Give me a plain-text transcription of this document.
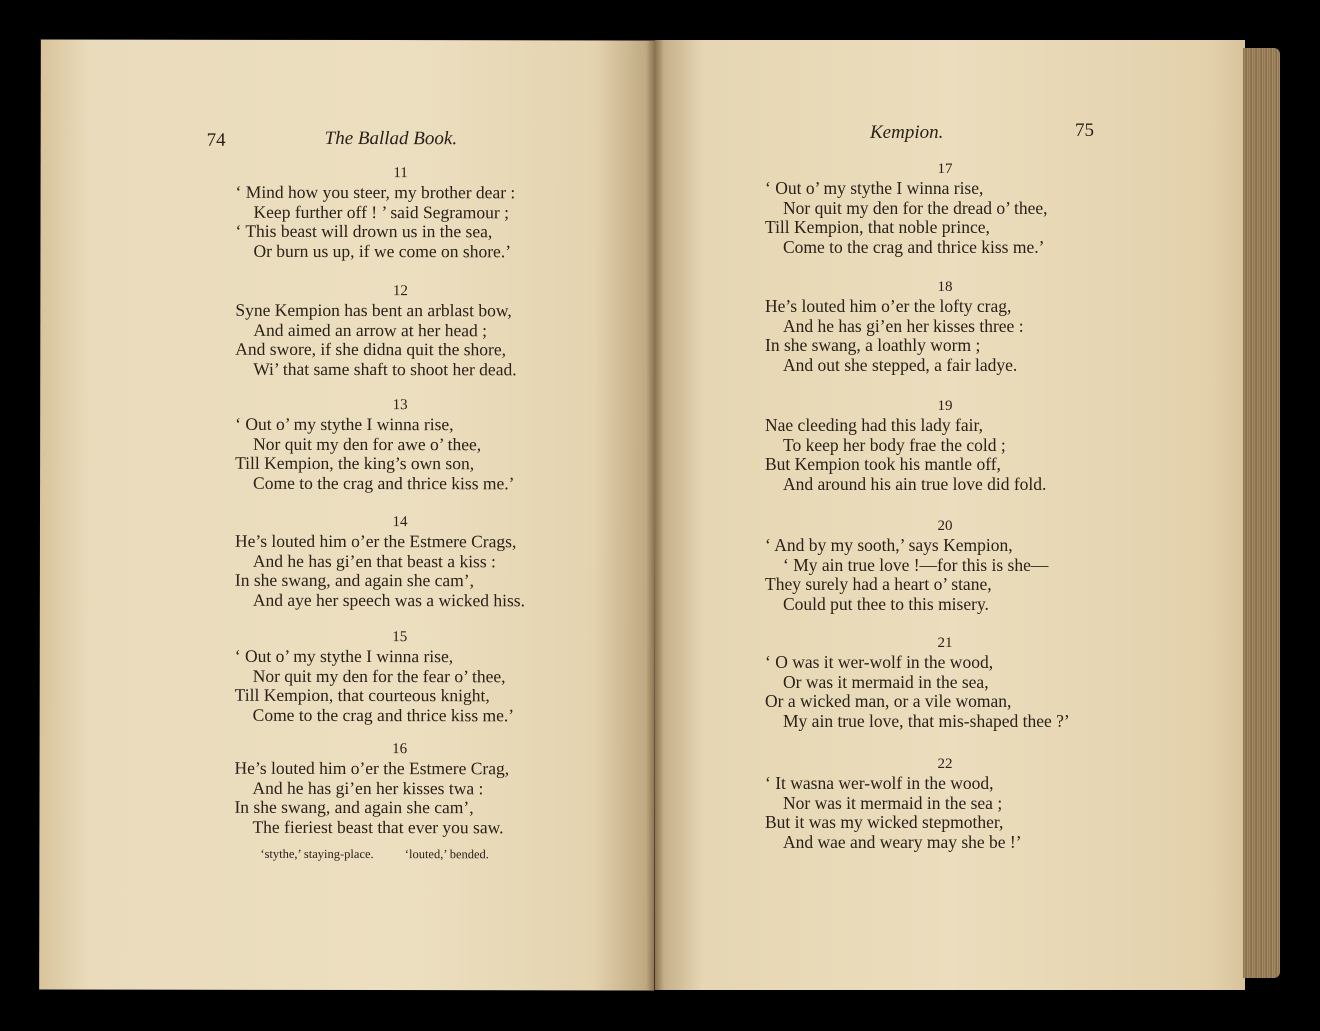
74	The Ballad Book.
11
‘ Mind how you steer, my brother dear :
Keep further off ! ’ said Segramour ;
‘ This beast will drown us in the sea,
Or burn us up, if we come on shore.’
12
Syne Kempion has bent an arblast bow,
And aimed an arrow at her head ;
And swore, if she didna quit the shore,
Wi’ that same shaft to shoot her dead.
13
‘ Out o’ my stythe I winna rise,
Nor quit my den for awe o’ thee,
Till Kempion, the king’s own son,
Come to the crag and thrice kiss me.’
14
He’s louted him o’er the Estmere Crags,
And he has gi’en that beast a kiss :
In she swang, and again she cam’,
And aye her speech was a wicked hiss.
15
‘ Out o’ my stythe I winna rise,
Nor quit my den for the fear o’ thee,
Till Kempion, that courteous knight,
Come to the crag and thrice kiss me.’
16
He’s louted him o’er the Estmere Crag,
And he has gi’en her kisses twa :
In she swang, and again she cam’,
The fieriest beast that ever you saw.
‘stythe,’ staying-place. ‘louted,’ bended.
Kempion.	75
17
‘ Out o’ my stythe I winna rise,
Nor quit my den for the dread o’ thee,
Till Kempion, that noble prince,
Come to the crag and thrice kiss me.’
18
He’s louted him o’er the lofty crag,
And he has gi’en her kisses three :
In she swang, a loathly worm ;
And out she stepped, a fair ladye.
19
Nae cleeding had this lady fair,
To keep her body frae the cold ;
But Kempion took his mantle off,
And around his ain true love did fold.
20
‘ And by my sooth,’ says Kempion,
‘ My ain true love !—for this is she—
They surely had a heart o’ stane,
Could put thee to this misery.
21
‘ O was it wer-wolf in the wood,
Or was it mermaid in the sea,
Or a wicked man, or a vile woman,
My ain true love, that mis-shaped thee ?’
22
‘ It wasna wer-wolf in the wood,
Nor was it mermaid in the sea ;
But it was my wicked stepmother,
And wae and weary may she be !’
